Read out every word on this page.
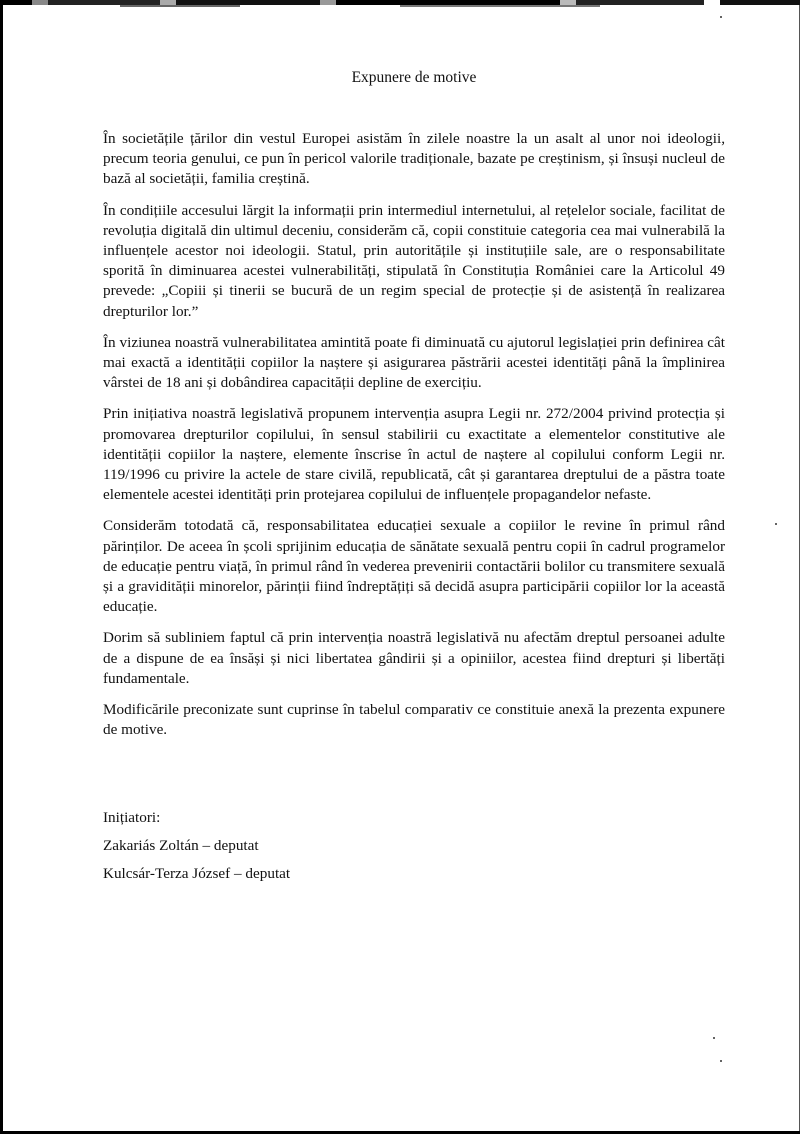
Expunere de motive

În societățile țărilor din vestul Europei asistăm în zilele noastre la un asalt al unor noi ideologii, precum teoria genului, ce pun în pericol valorile tradiționale, bazate pe creștinism, și însuși nucleul de bază al societății, familia creștină.

În condițiile accesului lărgit la informații prin intermediul internetului, al rețelelor sociale, facilitat de revoluția digitală din ultimul deceniu, considerăm că, copii constituie categoria cea mai vulnerabilă la influențele acestor noi ideologii. Statul, prin autoritățile și instituțiile sale, are o responsabilitate sporită în diminuarea acestei vulnerabilități, stipulată în Constituția României care la Articolul 49 prevede: „Copiii și tinerii se bucură de un regim special de protecție și de asistență în realizarea drepturilor lor.”

În viziunea noastră vulnerabilitatea amintită poate fi diminuată cu ajutorul legislației prin definirea cât mai exactă a identității copiilor la naștere și asigurarea păstrării acestei identități până la împlinirea vârstei de 18 ani și dobândirea capacității depline de exercițiu.

Prin inițiativa noastră legislativă propunem intervenția asupra Legii nr. 272/2004 privind protecția și promovarea drepturilor copilului, în sensul stabilirii cu exactitate a elementelor constitutive ale identității copiilor la naștere, elemente înscrise în actul de naștere al copilului conform Legii nr. 119/1996 cu privire la actele de stare civilă, republicată, cât și garantarea dreptului de a păstra toate elementele acestei identități prin protejarea copilului de influențele propagandelor nefaste.

Considerăm totodată că, responsabilitatea educației sexuale a copiilor le revine în primul rând părinților. De aceea în școli sprijinim educația de sănătate sexuală pentru copii în cadrul programelor de educație pentru viață, în primul rând în vederea prevenirii contactării bolilor cu transmitere sexuală și a gravidității minorelor, părinții fiind îndreptățiți să decidă asupra participării copiilor lor la această educație.

Dorim să subliniem faptul că prin intervenția noastră legislativă nu afectăm dreptul persoanei adulte de a dispune de ea însăși și nici libertatea gândirii și a opiniilor, acestea fiind drepturi și libertăți fundamentale.

Modificările preconizate sunt cuprinse în tabelul comparativ ce constituie anexă la prezenta expunere de motive.

Inițiatori:
Zakariás Zoltán – deputat
Kulcsár-Terza József – deputat
